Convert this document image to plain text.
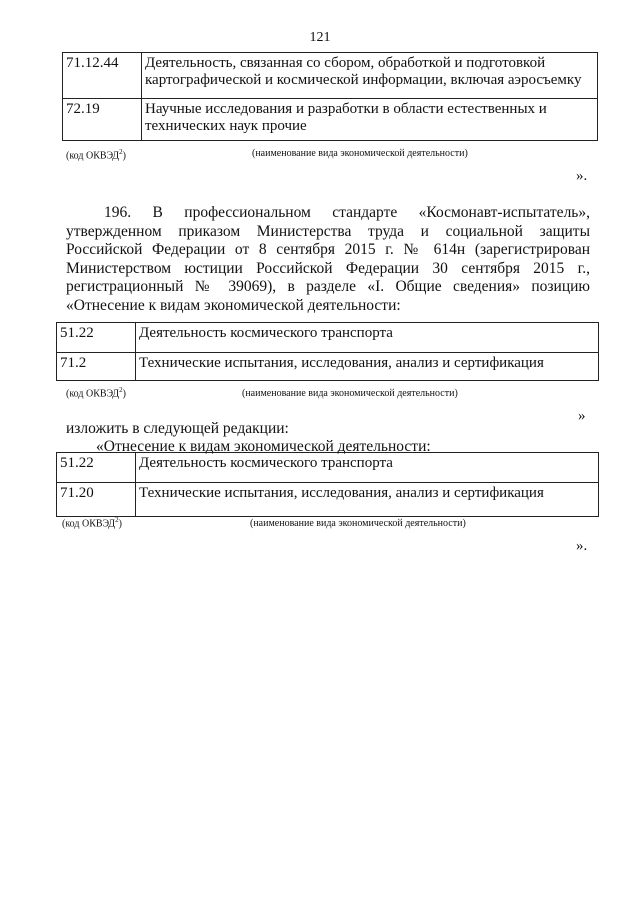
121
71.12.44	Деятельность, связанная со сбором, обработкой и подготовкой картографической и космической информации, включая аэросъемку
72.19	Научные исследования и разработки в области естественных и технических наук прочие
(код ОКВЭД$^2$)	(наименование вида экономической деятельности)
».
196. В профессиональном стандарте «Космонавт-испытатель», утвержденном приказом Министерства труда и социальной защиты Российской Федерации от 8 сентября 2015 г. № 614н (зарегистрирован Министерством юстиции Российской Федерации 30 сентября 2015 г., регистрационный № 39069), в разделе «I. Общие сведения» позицию «Отнесение к видам экономической деятельности:
51.22	Деятельность космического транспорта
71.2	Технические испытания, исследования, анализ и сертификация
(код ОКВЭД$^2$)	(наименование вида экономической деятельности)
»
изложить в следующей редакции:
«Отнесение к видам экономической деятельности:
51.22	Деятельность космического транспорта
71.20	Технические испытания, исследования, анализ и сертификация
(код ОКВЭД$^2$)	(наименование вида экономической деятельности)
».
